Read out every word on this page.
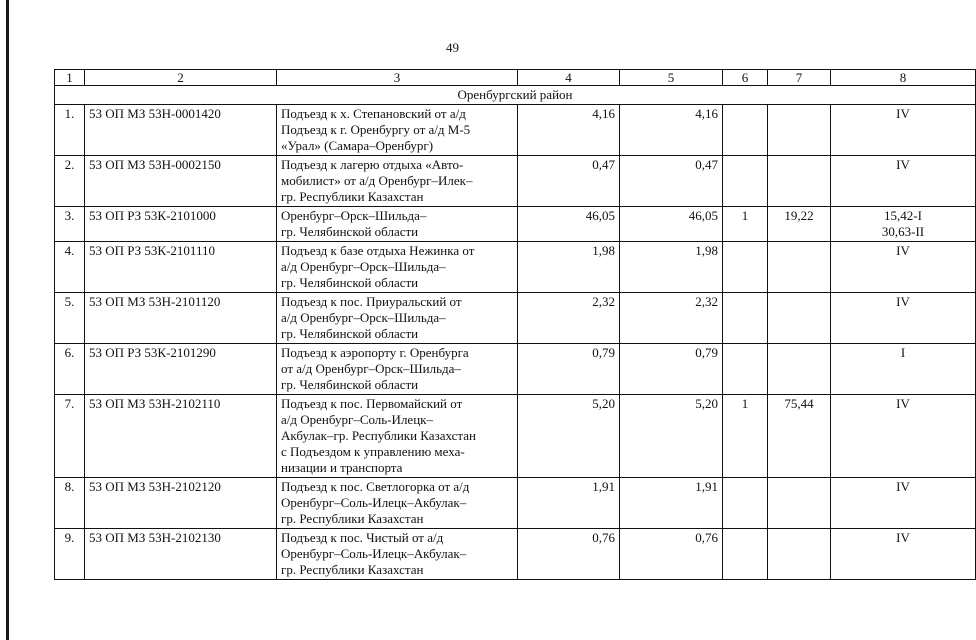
49
1	2	3	4	5	6	7	8
Оренбургский район							
1.	53 ОП МЗ 53Н-0001420	Подъезд к х. Степановский от а/д
Подъезд к г. Оренбургу от а/д М-5
«Урал» (Самара–Оренбург)	4,16	4,16			IV

2.	53 ОП МЗ 53Н-0002150	Подъезд к лагерю отдыха «Авто-
мобилист» от а/д Оренбург–Илек–
гр. Республики Казахстан	0,47	0,47			IV

3.	53 ОП РЗ 53К-2101000	Оренбург–Орск–Шильда–
гр. Челябинской области	46,05	46,05	1	19,22	15,42-I
30,63-II

4.	53 ОП РЗ 53К-2101110	Подъезд к базе отдыха Нежинка от
а/д Оренбург–Орск–Шильда–
гр. Челябинской области	1,98	1,98			IV

5.	53 ОП МЗ 53Н-2101120	Подъезд к пос. Приуральский от
а/д Оренбург–Орск–Шильда–
гр. Челябинской области	2,32	2,32			IV

6.	53 ОП РЗ 53К-2101290	Подъезд к аэропорту г. Оренбурга
от а/д Оренбург–Орск–Шильда–
гр. Челябинской области	0,79	0,79			I

7.	53 ОП МЗ 53Н-2102110	Подъезд к пос. Первомайский от
а/д Оренбург–Соль-Илецк–
Акбулак–гр. Республики Казахстан
с Подъездом к управлению меха-
низации и транспорта	5,20	5,20	1	75,44	IV

8.	53 ОП МЗ 53Н-2102120	Подъезд к пос. Светлогорка от а/д
Оренбург–Соль-Илецк–Акбулак–
гр. Республики Казахстан	1,91	1,91			IV

9.	53 ОП МЗ 53Н-2102130	Подъезд к пос. Чистый от а/д
Оренбург–Соль-Илецк–Акбулак–
гр. Республики Казахстан	0,76	0,76			IV
